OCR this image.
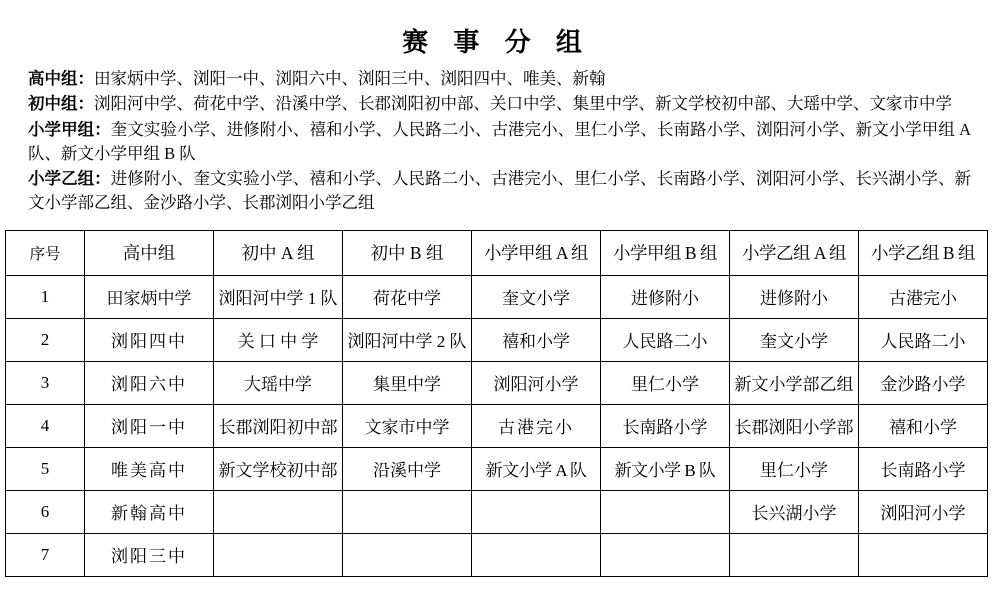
赛 事 分 组

高中组：田家炳中学、浏阳一中、浏阳六中、浏阳三中、浏阳四中、唯美、新翰

初中组：浏阳河中学、荷花中学、沿溪中学、长郡浏阳初中部、关口中学、集里中学、新文学校初中部、大瑶中学、文家市中学

小学甲组：奎文实验小学、进修附小、禧和小学、人民路二小、古港完小、里仁小学、长南路小学、浏阳河小学、新文小学甲组 A 队、新文小学甲组 B 队

小学乙组：进修附小、奎文实验小学、禧和小学、人民路二小、古港完小、里仁小学、长南路小学、浏阳河小学、长兴湖小学、新文小学部乙组、金沙路小学、长郡浏阳小学乙组

序号	高中组	初中 A 组	初中 B 组	小学甲组 A 组	小学甲组 B 组	小学乙组 A 组	小学乙组 B 组
1	田家炳中学	浏阳河中学 1 队	荷花中学	奎文小学	进修附小	进修附小	古港完小
2	浏阳四中	关 口 中 学	浏阳河中学 2 队	禧和小学	人民路二小	奎文小学	人民路二小
3	浏阳六中	大瑶中学	集里中学	浏阳河小学	里仁小学	新文小学部乙组	金沙路小学
4	浏阳一中	长郡浏阳初中部	文家市中学	古港完小	长南路小学	长郡浏阳小学部	禧和小学
5	唯美高中	新文学校初中部	沿溪中学	新文小学 A 队	新文小学 B 队	里仁小学	长南路小学
6	新翰高中					长兴湖小学	浏阳河小学
7	浏阳三中						
